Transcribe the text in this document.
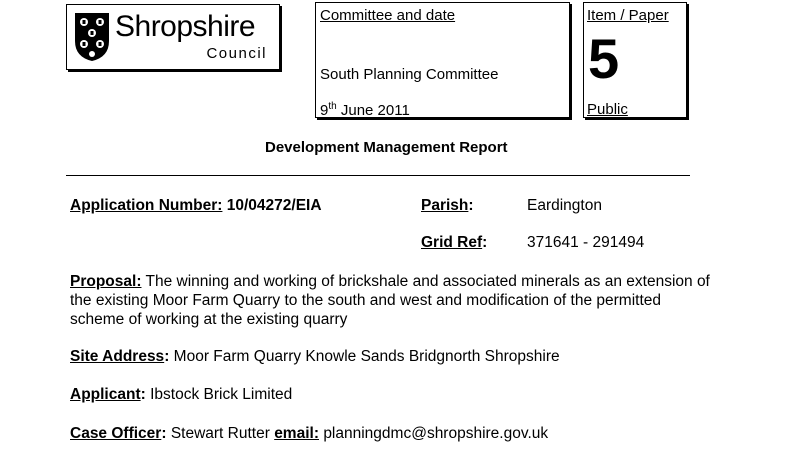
Shropshire
Council
Committee and date
South Planning Committee
9th June 2011
Item / Paper
5
Public
Development Management Report
Application Number: 10/04272/EIA	Parish:	Eardington
Grid Ref:	371641 - 291494
Proposal: The winning and working of brickshale and associated minerals as an extension of the existing Moor Farm Quarry to the south and west and modification of the permitted scheme of working at the existing quarry
Site Address: Moor Farm Quarry Knowle Sands Bridgnorth Shropshire
Applicant: Ibstock Brick Limited
Case Officer: Stewart Rutter email: planningdmc@shropshire.gov.uk
